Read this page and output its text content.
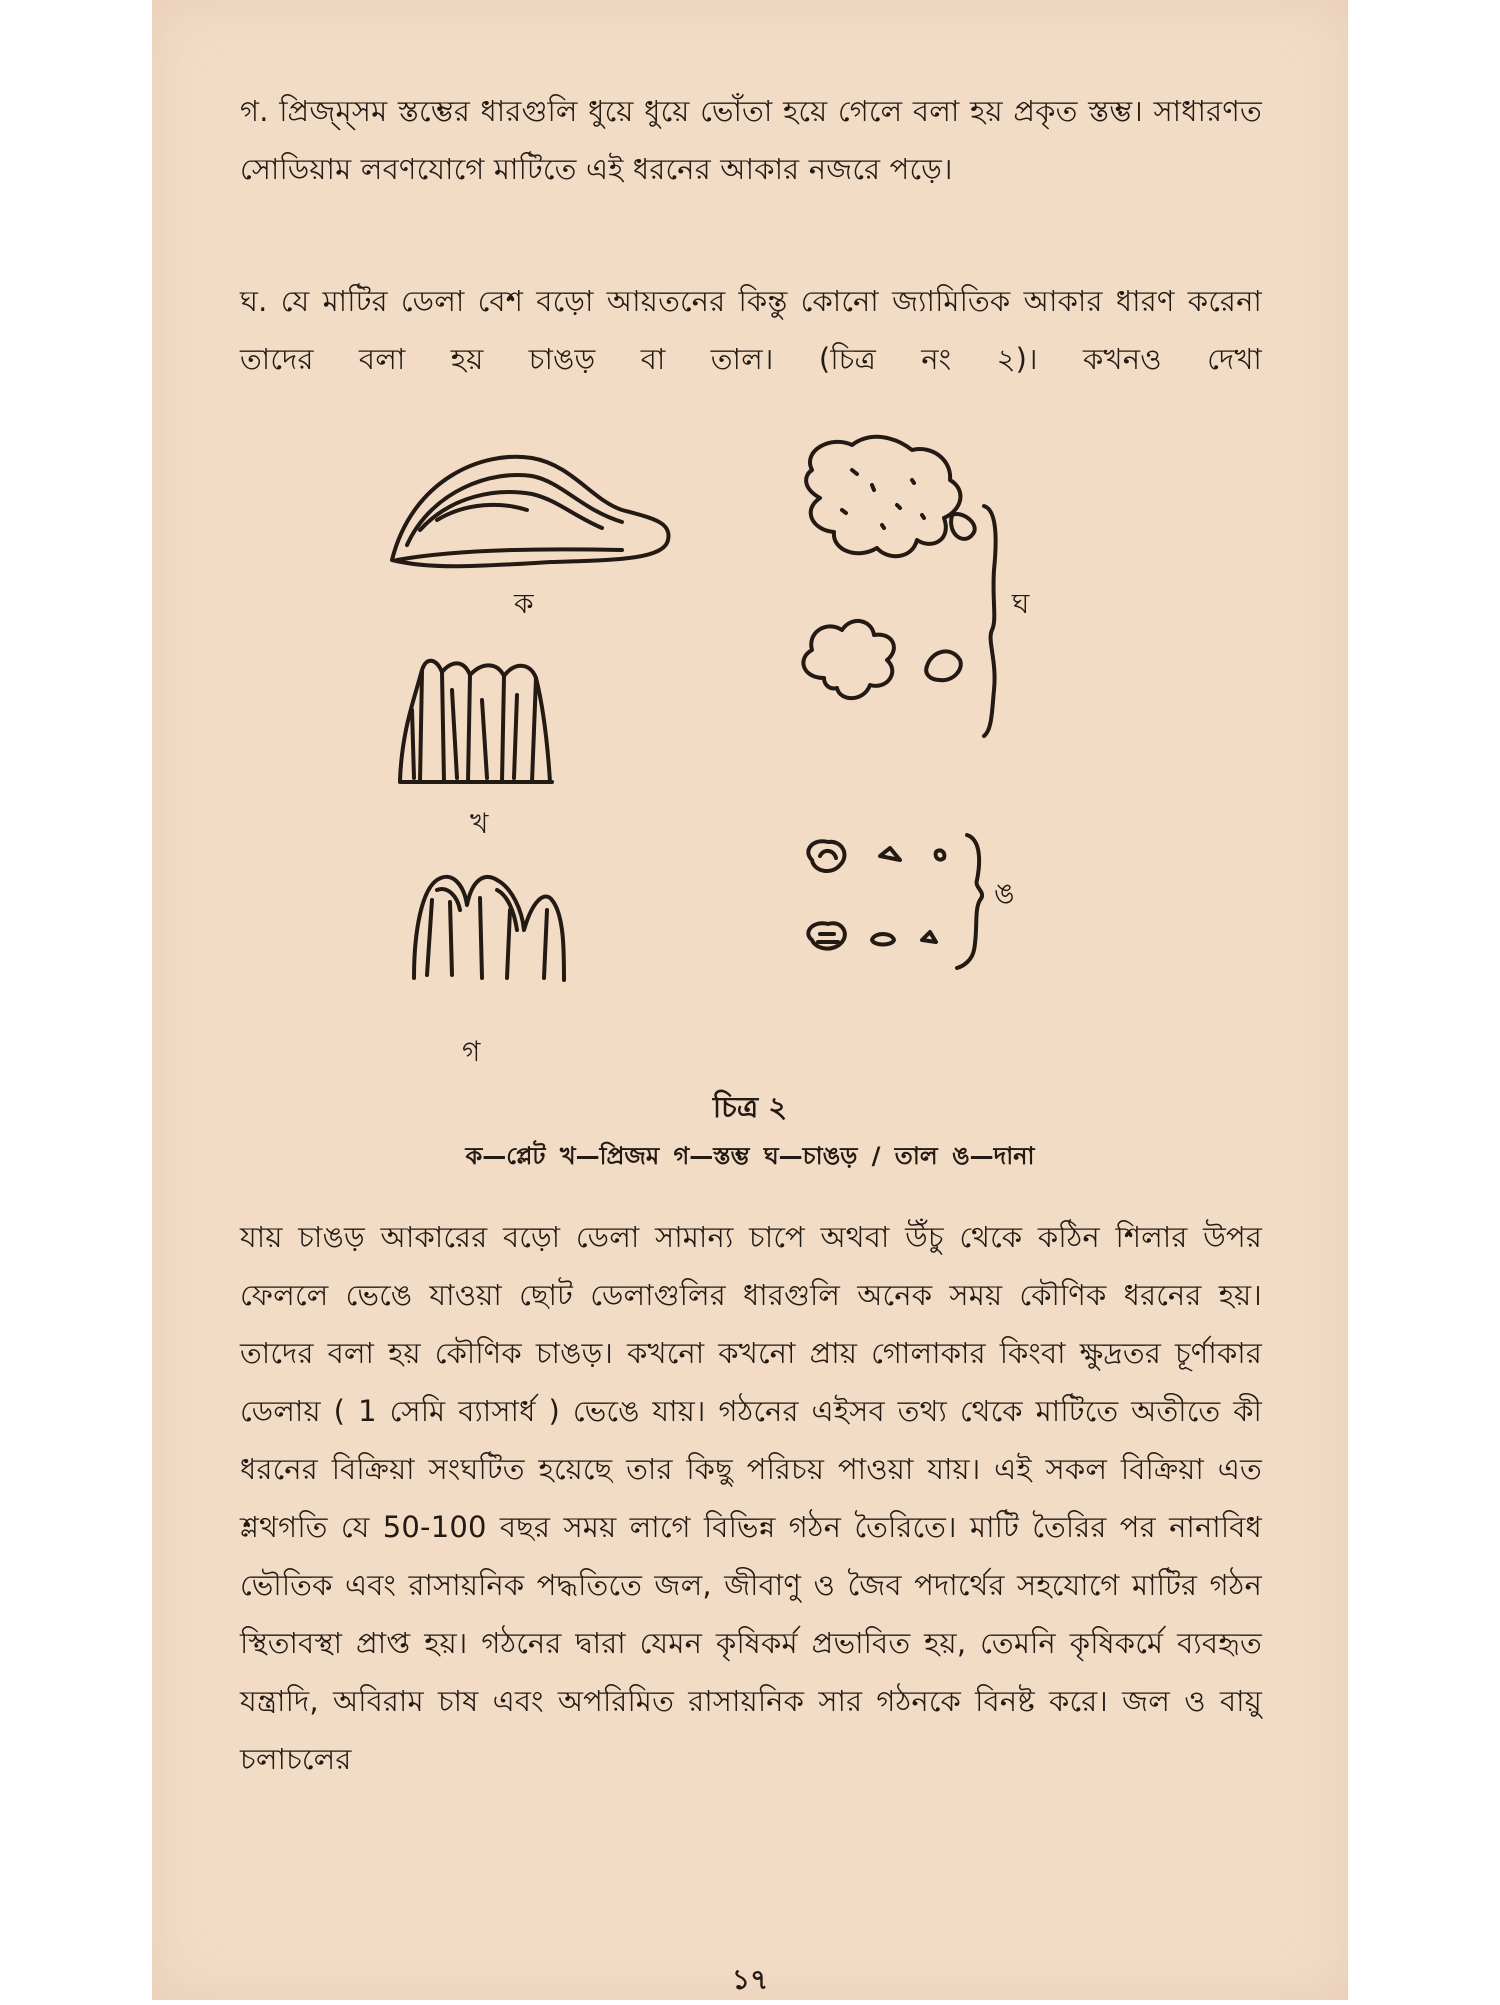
গ. প্রিজ্‌ম্‌সম স্তম্ভের ধারগুলি ধুয়ে ধুয়ে ভোঁতা হয়ে গেলে বলা হয় প্রকৃত স্তম্ভ। সাধারণত সোডিয়াম লবণযোগে মাটিতে এই ধরনের আকার নজরে পড়ে।

ঘ. যে মাটির ডেলা বেশ বড়ো আয়তনের কিন্তু কোনো জ্যামিতিক আকার ধারণ করেনা তাদের বলা হয় চাঙড় বা তাল। (চিত্র নং ২)। কখনও দেখা

ক
খ
গ
ঘ
ঙ
চিত্র ২
ক—প্লেট খ—প্রিজম গ—স্তম্ভ ঘ—চাঙড় / তাল ঙ—দানা

যায় চাঙড় আকারের বড়ো ডেলা সামান্য চাপে অথবা উঁচু থেকে কঠিন শিলার উপর ফেললে ভেঙে যাওয়া ছোট ডেলাগুলির ধারগুলি অনেক সময় কৌণিক ধরনের হয়। তাদের বলা হয় কৌণিক চাঙড়। কখনো কখনো প্রায় গোলাকার কিংবা ক্ষুদ্রতর চূর্ণাকার ডেলায় ( 1 সেমি ব্যাসার্ধ ) ভেঙে যায়। গঠনের এইসব তথ্য থেকে মাটিতে অতীতে কী ধরনের বিক্রিয়া সংঘটিত হয়েছে তার কিছু পরিচয় পাওয়া যায়। এই সকল বিক্রিয়া এত শ্লথগতি যে 50-100 বছর সময় লাগে বিভিন্ন গঠন তৈরিতে। মাটি তৈরির পর নানাবিধ ভৌতিক এবং রাসায়নিক পদ্ধতিতে জল, জীবাণু ও জৈব পদার্থের সহযোগে মাটির গঠন স্থিতাবস্থা প্রাপ্ত হয়। গঠনের দ্বারা যেমন কৃষিকর্ম প্রভাবিত হয়, তেমনি কৃষিকর্মে ব্যবহৃত যন্ত্রাদি, অবিরাম চাষ এবং অপরিমিত রাসায়নিক সার গঠনকে বিনষ্ট করে। জল ও বায়ু চলাচলের

১৭
